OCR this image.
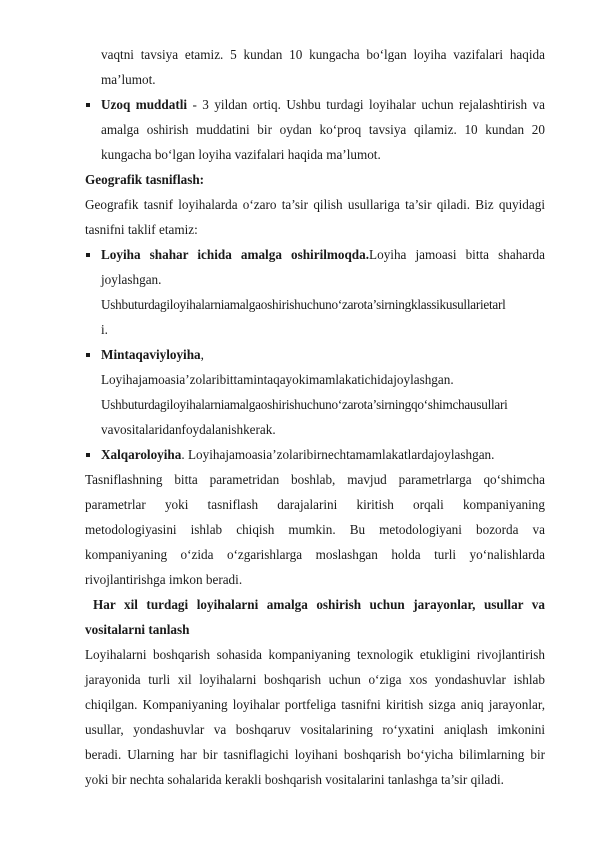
vaqtni tavsiya etamiz. 5 kundan 10 kungacha bo‘lgan loyiha vazifalari haqida
ma’lumot.
Uzoq muddatli - 3 yildan ortiq. Ushbu turdagi loyihalar uchun rejalashtirish va
amalga oshirish muddatini bir oydan ko‘proq tavsiya qilamiz. 10 kundan 20
kungacha bo‘lgan loyiha vazifalari haqida ma’lumot.
Geografik tasniflash:
Geografik tasnif loyihalarda o‘zaro ta’sir qilish usullariga ta’sir qiladi. Biz quyidagi
tasnifni taklif etamiz:
Loyiha shahar ichida amalga oshirilmoqda.Loyiha jamoasi bitta shaharda
joylashgan.
Ushbuturdagiloyihalarniamalgaoshirishuchuno‘zarota’sirningklassikusullarietarl
i.
Mintaqaviyloyiha,
Loyihajamoasia’zolaribittamintaqayokimamlakatichidajoylashgan.
Ushbuturdagiloyihalarniamalgaoshirishuchuno‘zarota’sirningqo‘shimchausullari
vavositalaridanfoydalanishkerak.
Xalqaroloyiha. Loyihajamoasia’zolaribirnechtamamlakatlardajoylashgan.
Tasniflashning bitta parametridan boshlab, mavjud parametrlarga qo‘shimcha
parametrlar yoki tasniflash darajalarini kiritish orqali kompaniyaning
metodologiyasini ishlab chiqish mumkin. Bu metodologiyani bozorda va
kompaniyaning o‘zida o‘zgarishlarga moslashgan holda turli yo‘nalishlarda
rivojlantirishga imkon beradi.
Har xil turdagi loyihalarni amalga oshirish uchun jarayonlar, usullar va
vositalarni tanlash
Loyihalarni boshqarish sohasida kompaniyaning texnologik etukligini rivojlantirish
jarayonida turli xil loyihalarni boshqarish uchun o‘ziga xos yondashuvlar ishlab
chiqilgan. Kompaniyaning loyihalar portfeliga tasnifni kiritish sizga aniq jarayonlar,
usullar, yondashuvlar va boshqaruv vositalarining ro‘yxatini aniqlash imkonini
beradi. Ularning har bir tasniflagichi loyihani boshqarish bo‘yicha bilimlarning bir
yoki bir nechta sohalarida kerakli boshqarish vositalarini tanlashga ta’sir qiladi.
